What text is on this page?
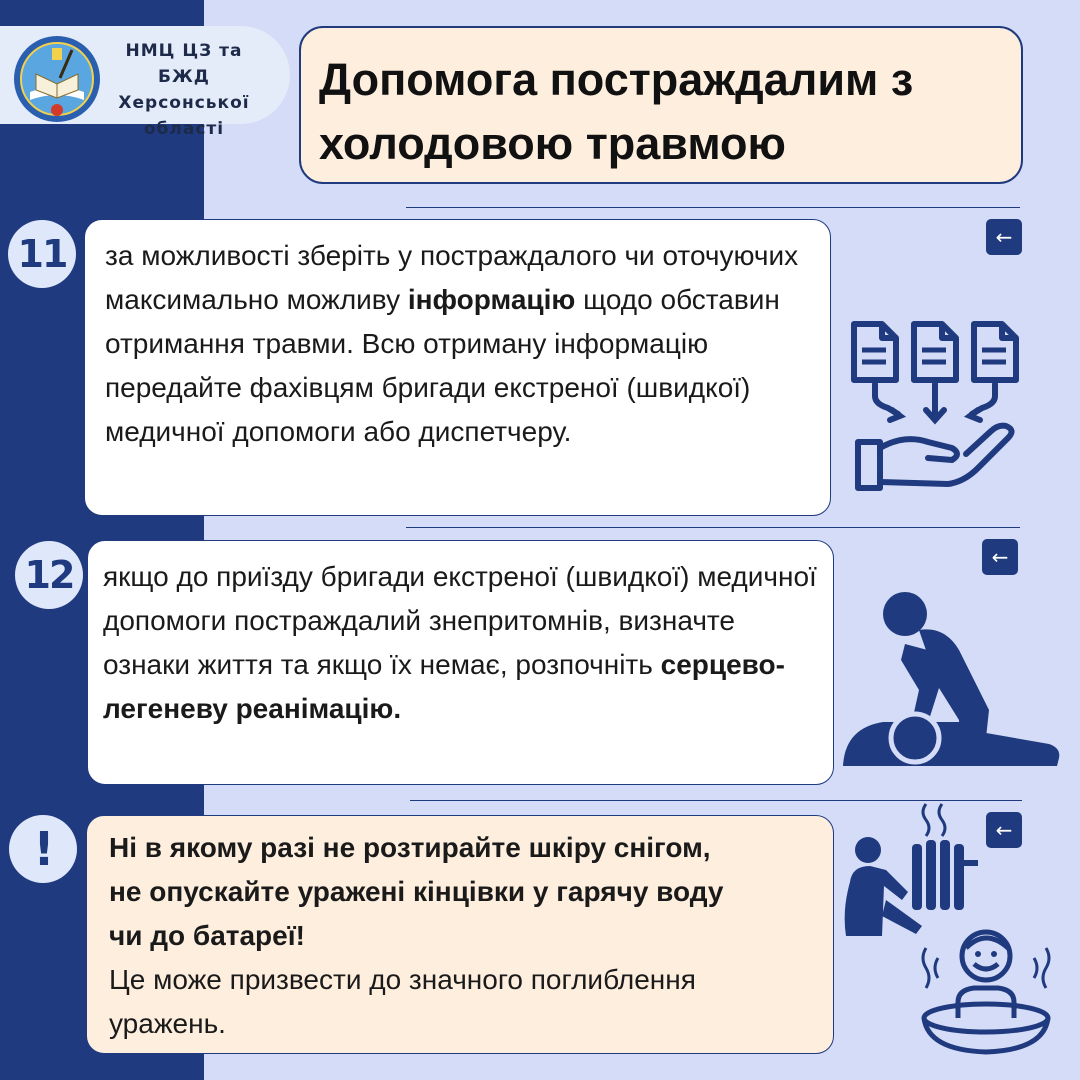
НМЦ ЦЗ та БЖД
Херсонської
області
Допомога постраждалим з холодовою травмою
11	за можливості зберіть у постраждалого чи оточуючих максимально можливу інформацію щодо обставин отримання травми. Всю отриману інформацію передайте фахівцям бригади екстреної (швидкої) медичної допомоги або диспетчеру.
←
12	якщо до приїзду бригади екстреної (швидкої) медичної допомоги постраждалий знепритомнів, визначте ознаки життя та якщо їх немає, розпочніть серцево-легеневу реанімацію.
←
!	Ні в якому разі не розтирайте шкіру снігом, не опускайте уражені кінцівки у гарячу воду чи до батареї!
Це може призвести до значного поглиблення уражень.
←
